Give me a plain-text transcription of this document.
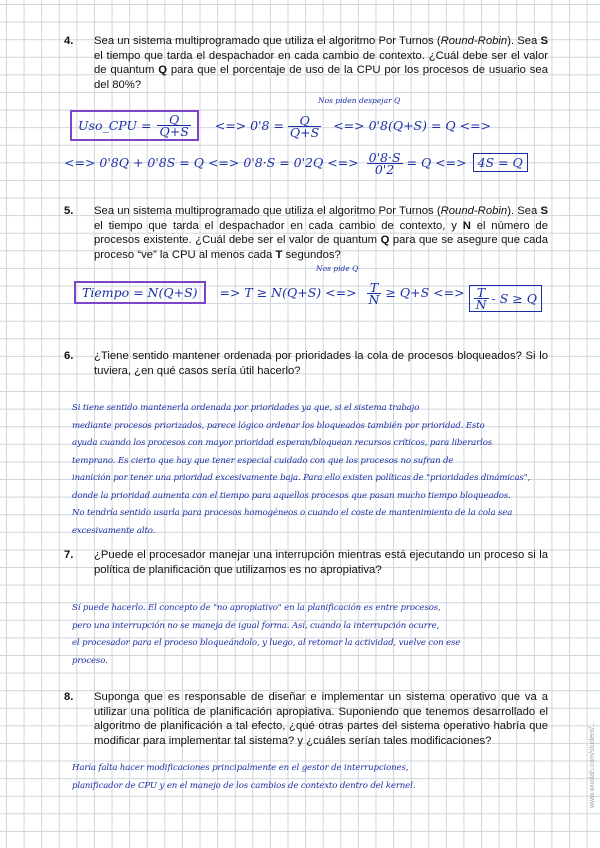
4. Sea un sistema multiprogramado que utiliza el algoritmo Por Turnos (Round-Robin). Sea S el tiempo que tarda el despachador en cada cambio de contexto. ¿Cuál debe ser el valor de quantum Q para que el porcentaje de uso de la CPU por los procesos de usuario sea del 80%?
Nos piden despejar Q
Uso_CPU = $\frac{Q}{Q+S}$ <=> $0'8 = \frac{Q}{Q+S}$ <=> 0'8(Q+S) = Q <=>
<=> 0'8Q + 0'8S = Q <=> 0'8·S = 0'2Q <=> $\frac{0'8\cdot S}{0'2} = Q$ <=> 4S = Q
5. Sea un sistema multiprogramado que utiliza el algoritmo Por Turnos (Round-Robin). Sea S el tiempo que tarda el despachador en cada cambio de contexto, y N el número de procesos existente. ¿Cuál debe ser el valor de quantum Q para que se asegure que cada proceso “ve” la CPU al menos cada T segundos?
Nos pide Q
Tiempo = N(Q+S) => T ≥ N(Q+S) <=> $\frac{T}{N} \ge Q+S$ <=> $\frac{T}{N} - S \ge Q$
6. ¿Tiene sentido mantener ordenada por prioridades la cola de procesos bloqueados? Si lo tuviera, ¿en qué casos sería útil hacerlo?
Si tiene sentido mantenerla ordenada por prioridades ya que, si el sistema trabajo
mediante procesos priorizados, parece lógico ordenar los bloqueados también por prioridad. Esto
ayuda cuando los procesos con mayor prioridad esperan/bloquean recursos críticos, para liberarlos
temprano. Es cierto que hay que tener especial cuidado con que los procesos no sufran de
inanición por tener una prioridad excesivamente baja. Para ello existen políticas de "prioridades dinámicas",
donde la prioridad aumenta con el tiempo para aquellos procesos que pasan mucho tiempo bloqueados.
No tendría sentido usarla para procesos homogéneos o cuando el coste de mantenimiento de la cola sea
excesivamente alto.
7. ¿Puede el procesador manejar una interrupción mientras está ejecutando un proceso si la política de planificación que utilizamos es no apropiativa?
Sí puede hacerlo. El concepto de "no apropiativo" en la planificación es entre procesos,
pero una interrupción no se maneja de igual forma. Así, cuando la interrupción ocurre,
el procesador para el proceso bloqueándolo, y luego, al retomar la actividad, vuelve con ese
proceso.
8. Suponga que es responsable de diseñar e implementar un sistema operativo que va a utilizar una política de planificación apropiativa. Suponiendo que tenemos desarrollado el algoritmo de planificación a tal efecto, ¿qué otras partes del sistema operativo habría que modificar para implementar tal sistema? y ¿cuáles serían tales modificaciones?
Haría falta hacer modificaciones principalmente en el gestor de interrupciones,
planificador de CPU y en el manejo de los cambios de contexto dentro del kernel.	www.wuolah.com/student/...
